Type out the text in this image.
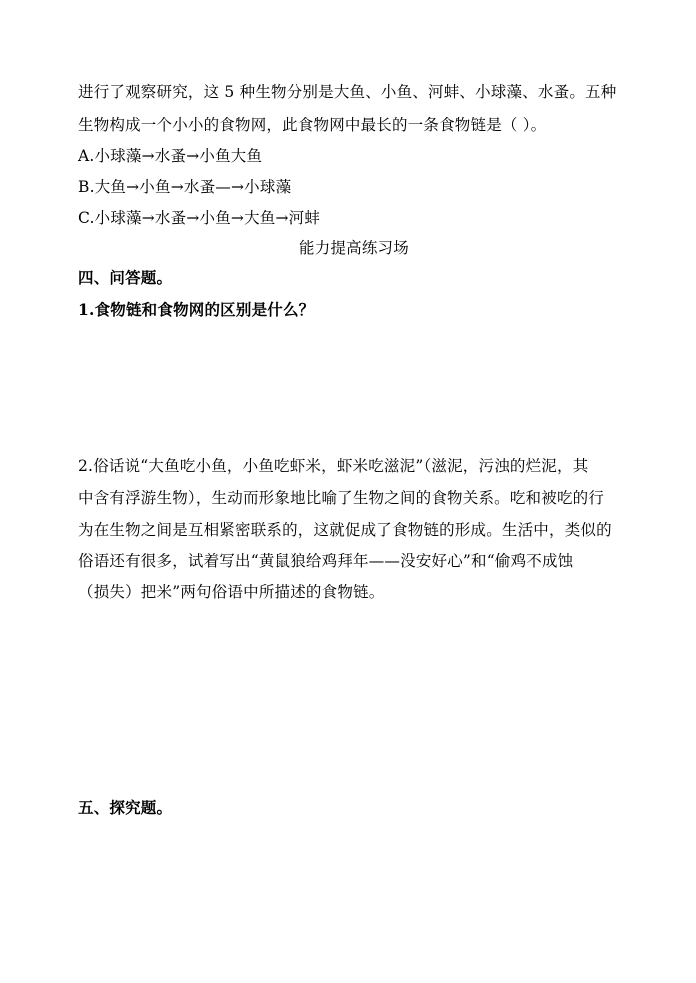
进行了观察研究，这 5 种生物分别是大鱼、小鱼、河蚌、小球藻、水蚤。五种
生物构成一个小小的食物网，此食物网中最长的一条食物链是（ ）。
A.小球藻→水蚤→小鱼大鱼
B.大鱼→小鱼→水蚤—→小球藻
C.小球藻→水蚤→小鱼→大鱼→河蚌
能力提高练习场
四、问答题。
1.食物链和食物网的区别是什么？
2.俗话说“大鱼吃小鱼，小鱼吃虾米，虾米吃滋泥”（滋泥，污浊的烂泥，其
中含有浮游生物），生动而形象地比喻了生物之间的食物关系。吃和被吃的行
为在生物之间是互相紧密联系的，这就促成了食物链的形成。生活中，类似的
俗语还有很多，试着写出“黄鼠狼给鸡拜年——没安好心”和“偷鸡不成蚀
（损失）把米”两句俗语中所描述的食物链。
五、探究题。
